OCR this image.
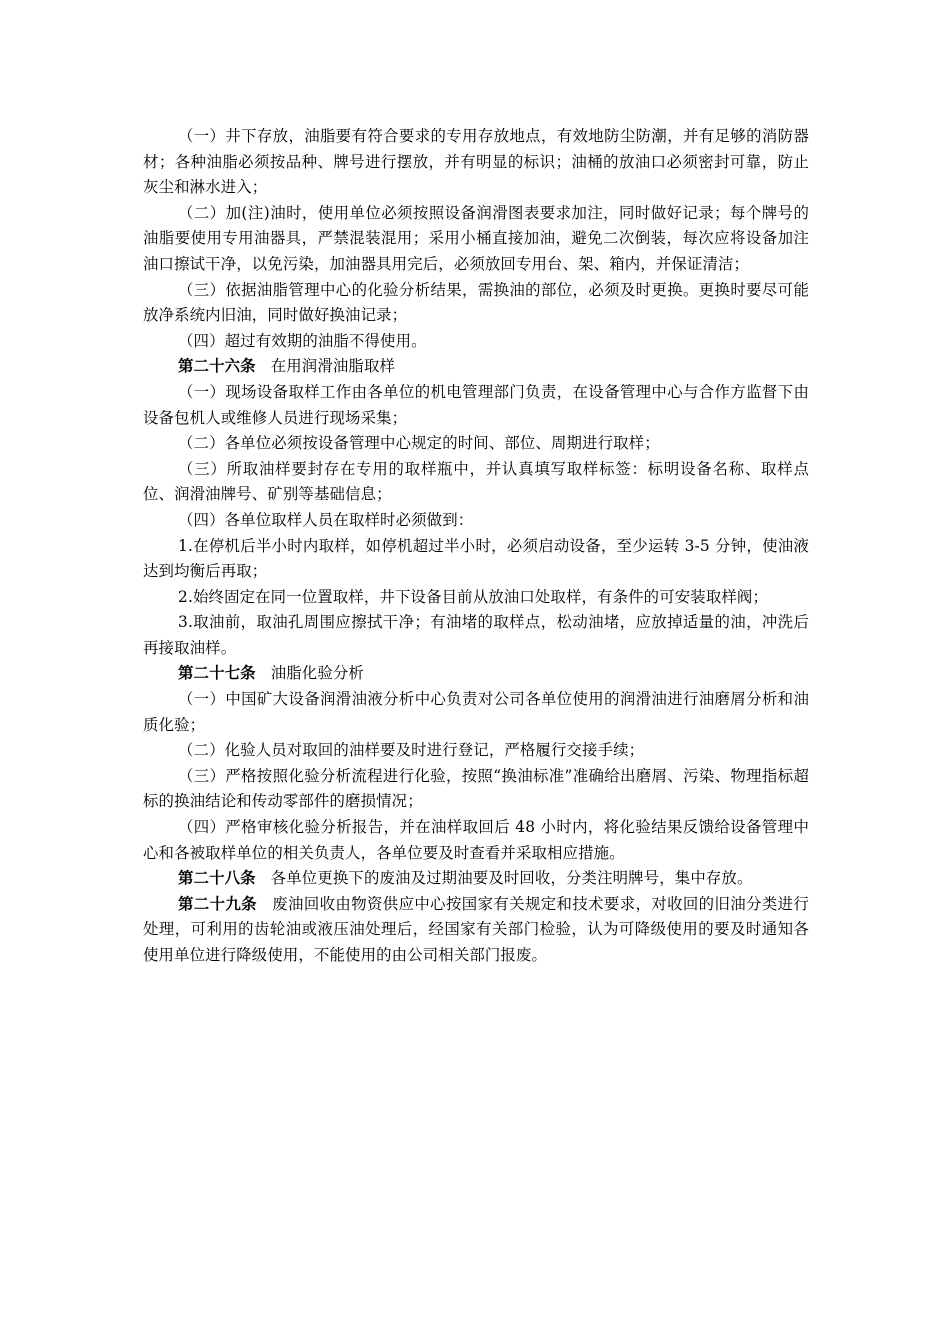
（一）井下存放，油脂要有符合要求的专用存放地点，有效地防尘防潮，并有足够的消防器材；各种油脂必须按品种、牌号进行摆放，并有明显的标识；油桶的放油口必须密封可靠，防止灰尘和淋水进入；

（二）加(注)油时，使用单位必须按照设备润滑图表要求加注，同时做好记录；每个牌号的油脂要使用专用油器具，严禁混装混用；采用小桶直接加油，避免二次倒装，每次应将设备加注油口擦试干净，以免污染，加油器具用完后，必须放回专用台、架、箱内，并保证清洁；

（三）依据油脂管理中心的化验分析结果，需换油的部位，必须及时更换。更换时要尽可能放净系统内旧油，同时做好换油记录；

（四）超过有效期的油脂不得使用。

第二十六条 在用润滑油脂取样

（一）现场设备取样工作由各单位的机电管理部门负责，在设备管理中心与合作方监督下由设备包机人或维修人员进行现场采集；

（二）各单位必须按设备管理中心规定的时间、部位、周期进行取样；

（三）所取油样要封存在专用的取样瓶中，并认真填写取样标签：标明设备名称、取样点位、润滑油牌号、矿别等基础信息；

（四）各单位取样人员在取样时必须做到：

1.在停机后半小时内取样，如停机超过半小时，必须启动设备，至少运转 3-5 分钟，使油液达到均衡后再取；

2.始终固定在同一位置取样，井下设备目前从放油口处取样，有条件的可安装取样阀；

3.取油前，取油孔周围应擦拭干净；有油堵的取样点，松动油堵，应放掉适量的油，冲洗后再接取油样。

第二十七条 油脂化验分析

（一）中国矿大设备润滑油液分析中心负责对公司各单位使用的润滑油进行油磨屑分析和油质化验；

（二）化验人员对取回的油样要及时进行登记，严格履行交接手续；

（三）严格按照化验分析流程进行化验，按照“换油标准”准确给出磨屑、污染、物理指标超标的换油结论和传动零部件的磨损情况；

（四）严格审核化验分析报告，并在油样取回后 48 小时内，将化验结果反馈给设备管理中心和各被取样单位的相关负责人，各单位要及时查看并采取相应措施。

第二十八条 各单位更换下的废油及过期油要及时回收，分类注明牌号，集中存放。

第二十九条 废油回收由物资供应中心按国家有关规定和技术要求，对收回的旧油分类进行处理，可利用的齿轮油或液压油处理后，经国家有关部门检验，认为可降级使用的要及时通知各使用单位进行降级使用，不能使用的由公司相关部门报废。
